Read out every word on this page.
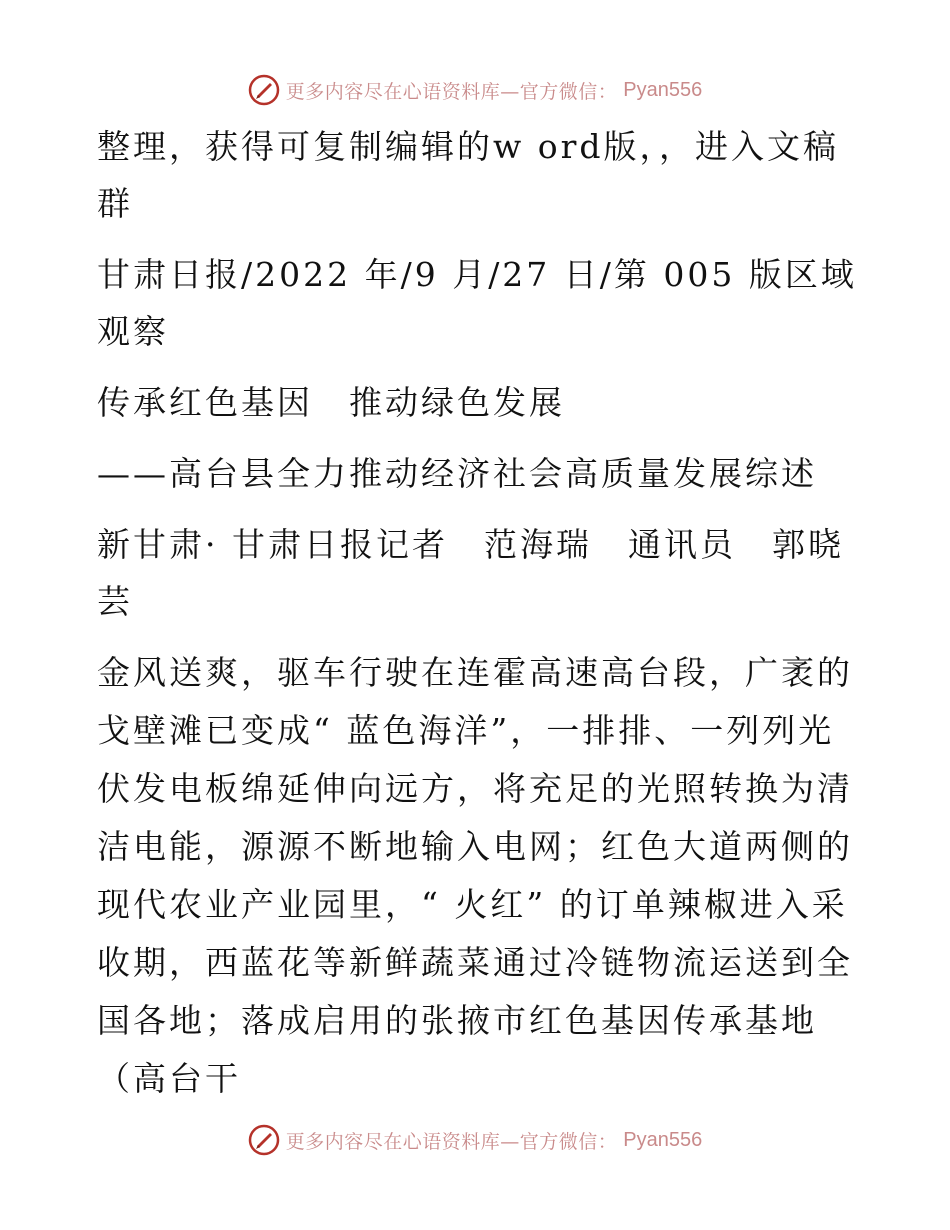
更多内容尽在心语资料库—官方微信： Pyan556

整理，获得可复制编辑的w ord版，，进入文稿群

甘肃日报/2022 年/9 月/27 日/第 005 版区域观察

传承红色基因　推动绿色发展

——高台县全力推动经济社会高质量发展综述

新甘肃· 甘肃日报记者　范海瑞　通讯员　郭晓芸

金风送爽，驱车行驶在连霍高速高台段，广袤的戈壁滩已变成“ 蓝色海洋”，一排排、一列列光伏发电板绵延伸向远方，将充足的光照转换为清洁电能，源源不断地输入电网；红色大道两侧的现代农业产业园里，“ 火红” 的订单辣椒进入采收期，西蓝花等新鲜蔬菜通过冷链物流运送到全国各地；落成启用的张掖市红色基因传承基地（高台干

更多内容尽在心语资料库—官方微信： Pyan556
